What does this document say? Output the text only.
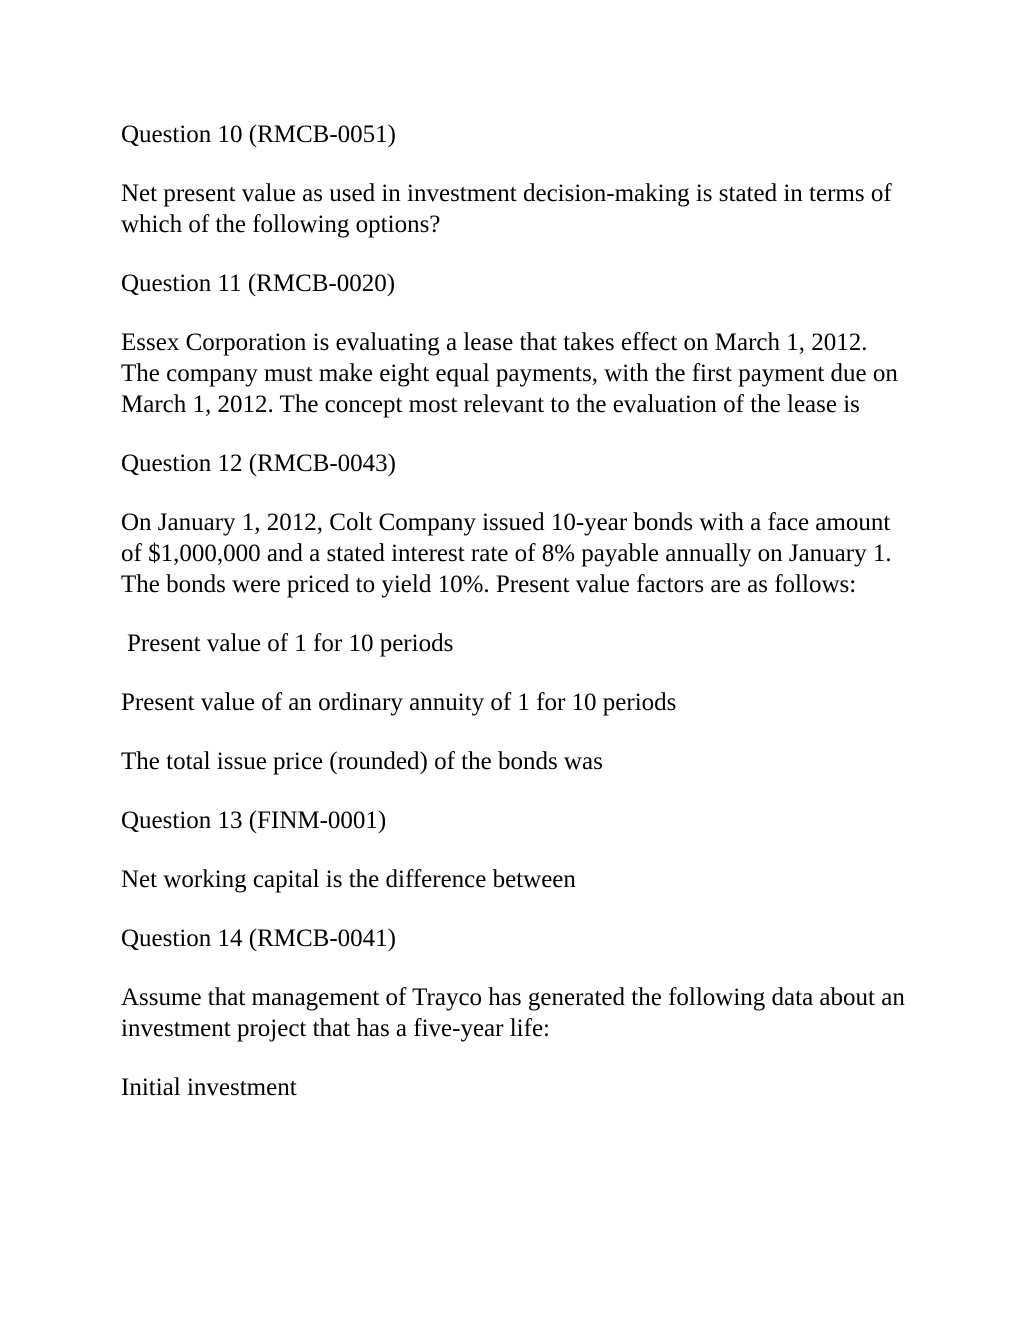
Question 10 (RMCB-0051)

Net present value as used in investment decision-making is stated in terms of which of the following options?

Question 11 (RMCB-0020)

Essex Corporation is evaluating a lease that takes effect on March 1, 2012. The company must make eight equal payments, with the first payment due on March 1, 2012. The concept most relevant to the evaluation of the lease is

Question 12 (RMCB-0043)

On January 1, 2012, Colt Company issued 10-year bonds with a face amount of $1,000,000 and a stated interest rate of 8% payable annually on January 1. The bonds were priced to yield 10%. Present value factors are as follows:

Present value of 1 for 10 periods

Present value of an ordinary annuity of 1 for 10 periods

The total issue price (rounded) of the bonds was

Question 13 (FINM-0001)

Net working capital is the difference between

Question 14 (RMCB-0041)

Assume that management of Trayco has generated the following data about an investment project that has a five-year life:

Initial investment
